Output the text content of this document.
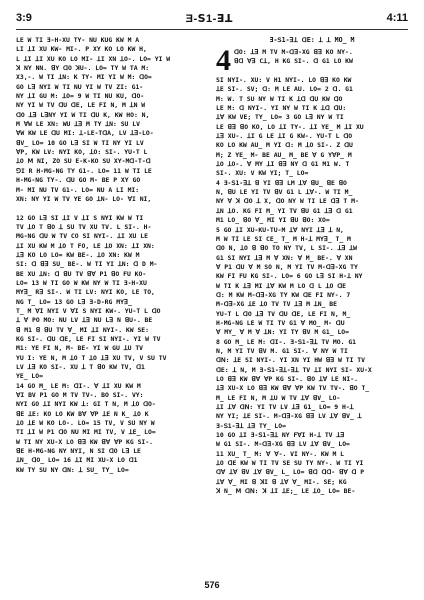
3:9	Ǝ-ꓢ1-ꓱꓕ	4:11
LE W TI Ǝ-H-XU TY- NU KUG KW M A
LI ꓕI XU KW- MI-. P XY KO LO KW H,
L ꓕI ꓕI XU KO LO MI- ꓕI XN ꓕO-. LO= YI W
ꓘ NY NN. ꓭY ꓷO ꓘU-. LO= TY W TA M:
X3,-. W TI ꓕN: K TY- MI YI W M: ꓷO=
GO Lꓱ NYI W TI NU YI W TV ZI: G1-
NY ꓕI GU M: ꓕO= 9 W TI NU KU, ꓷO-
NY YI W TV ꓷU ꓷE, LE FI N, M ꓕN W
ꓷO ꓕꓱ LꓱNY YI W TI ꓷU K, KW HO: N,
M ꓯW LE XN: WU ꓕꓱ M TY ꓕN: SU LV
ꓯW KW LE ꓷU MI: ꓕ-LE-TꓷA, LV ꓕꓱ-LO-
ꓭV_ LO= 10 GO Lꓱ SI W TI NY YI LV
ꓯP, KW LV: NYI KO, ꓕO: SI-. YU-T L
ꓕO ꓟ NI, ZO SU E-K-KO SU XY-Mꓷ-T-ꓷ
ꓨI R H-MG-NG TY G1-. LO= 11 W TI LE
H-MG-NG TY-. ꓷU GO M- BE P XY GO
M- MI NU TV G1-. LO= NU A LI MI:
XN: NY YI W TV YE GO ꓕN- LO- ꓯI NI,
12 GO Lꓱ SI ꓕI V ꓕI S NYI KW W TI
TV ꓕO T ꓭO ꓕ SU TV XU TV. L SI-. H-
MG-NG ꓷU W TV CO SI NYI-. ꓕI XU LE
ꓕI XU KW M ꓕO T FO, LE ꓕO XN: ꓕI XN:
ꓕꓱ KO LO LO= KW BE-. ꓕO XN: KW M
SI: ꓷ ꓭꓱ SU_ BE-. W TI YI ꓕN: ꓷ D M-
BE XU ꓕN: ꓷ ꓭU TV ꓭꓯ P1 ꓭO FU KO-
LO= 13 W TI GO W KW NY W TI Ǝ-H-XU
MYꓱ_ Rꓱ SI-. W TI LV: NYI KO, LE TO,
NG T_ LO= 13 GO Lꓱ Ǝ-D-RG MYꓱ_
T_ M ꓯI NYI V ꓯI S NYI KW-. YU-T L ꓷO
ꓕ ꓯ PO MO: NU LV ꓕꓱ NU Lꓱ N ꓭU-. BE
ꓭ M1 ꓭ ꓭU TV ꓯ_ MI ꓕI NYI-. KW SE:
KG SI-. ꓷU ꓷE, LE FI SI NYI-. YI W TV
M1: YE FI N, M- BE- YI W GU ꓕU TV
YU I: YE N, M ꓕO T ꓕO ꓕꓱ XU TV, V SU TV
LV ꓕꓱ KO SI-. XU ꓕ T ꓭO KW TV, ꓷ1
YE_ LO=
14 GO M_ LE M: ꓷI-. ꓯ ꓕI XU KW M
ꓯI BV P1 GO M TV TV-. BO SI-. VY:
NYI GO ꓕI NYI KW ꓕ: GI T N, M ꓕO ꓷO-
ꓭE ꓕE: KO LO KW Bꓯ ꓯP ꓕE N K_ ꓕO K
ꓕO ꓕE W KO LO-. LO= 15 TV, V SU NY W
TI ꓕI W P1 ꓷO NU MI MI TV, V ꓕE_ LO=
W TI NY XU-X LO ꓭꓱ KW ꓭꓯ ꓯP KG SI-.
ꓭE H-MG-NG NY NYI, N SI ꓷO Lꓱ LE
ꓕN_ ꓷO_ LO= 16 ꓕI MI XU-X LO ꓷ1
KW TY SU NY ꓷN: ꓕ SU_ TY_ LO=
Ǝ-ꓢ1-ꓱꓕ ꓷE: ꓕ ꓕ MO_ M
4 ꓷO: ꓕꓱ M TV M-ꓷꓱ-XG ꓭꓱ KO NY-.
ꓭꓷ ꓯꓱ Cꓕ, H KG SI-. ꓷ G1 LO KW
SI NYI-. XU: V H1 NYI-. LO ꓭꓱ KO KW
ꓕE SI-. SV; ꓷ: M LE AU. LO= 2 ꓷ. G1
M: W. T SU NY W TI K ꓕꓷ ꓷU KW ꓷO
LE M: ꓷ NYI-. YI NY W TI K ꓕꓷ ꓷU:
ꓕꓯ KW VE; TY_ LO= 3 GO Lꓱ NY W TI
LE ꓭꓱ ꓭO KO, LO ꓕI TY-. ꓕI YE_ M ꓕI XU
ꓕꓱ XU-. ꓕI G LE ꓕI G KW-. YU-T L ꓷO
KO LO KW AU_ M YI ꓷ: M ꓕO SI-. Z ꓷU
M; Z YE_ M- BE AU_ M_ BE ꓯ G YꓯP_ M
ꓕO ꓕO-. ꓯ MY ꓕI ꓭꓱ NY ꓷ G1 M1 W. T
SI-. XU: V KW YI; T_ LO=
4 Ǝ-ꓢ1-ꓱꓕ ꓭ YI ꓭꓱ LM ꓕꓯ ꓭU_ ꓭE ꓭO
N, ꓭU LE YI TV ꓭV G1 L ꓕꓯ-. W TI M_
NY ꓯ ꓘ ꓷO ꓕ X, ꓷO NY W TI LE ꓷꓱ T M-
ꓕN ꓕO. KG FI M_ YI TV ꓭU G1 ꓕꓱ ꓷ G1
M1 LO_ ꓭO ꓯ_ MI YI ꓭU ꓭO: XO=
5 GO ꓕI XU-KU-TU-M ꓕꓯ NYI ꓕꓱ ꓕ N,
M W TI LE SI CE_ T_ M H-ꓕ MYꓱ_ T_ M
ꓷO N, ꓕO ꓭ ꓭO TO NY TV, L SI-. ꓕꓱ ꓕW
G1 SI NYI ꓕꓱ M ꓯ XN: ꓯ M_ BE-. ꓯ XN
ꓯ P1 ꓷU ꓯ M SO N, M YI TV M-ꓷꓱ-XG TY
KW FI FU KG SI-. LO= 6 GO Lꓱ SI H-ꓕ NY
W TI K ꓕꓱ MI ꓕꓯ KW M LO ꓷ L ꓕO ꓷE
ꓷ: M KW M-ꓷꓱ-XG TY KW ꓷE FI NY-. 7
M-ꓷꓱ-XG ꓕE ꓕO TV TV ꓕꓱ M ꓕN_ BE
YU-T L ꓷO ꓕꓱ TV ꓷU ꓷE, LE FI N, M_
H-MG-NG LE W TI TV G1 ꓯ MO_ M- ꓷU
ꓯ MY_ ꓯ M ꓯ ꓕN: YI TY ꓭV M G1_ LO=
8 GO M_ LE M: ꓷI-. Ǝ-ꓢ1-ꓱꓕ TV MO. G1
N, M YI TV ꓭV M. G1 SI-. ꓯ NY W TI
ꓷꓠ: ꓕE SI NYI-. YI XN YI HW ꓭꓱ W TI TV
ꓷE: ꓕ N, M Ǝ-ꓢ1-ꓱꓕ-ꓱꓕ TV ꓕI NYI SI- XU-X
LO ꓭꓱ KW ꓭꓯ ꓯP KG SI-. ꓭO ꓕꓯ LE NI-.
ꓕꓱ XU-X LO ꓭꓱ KW ꓭꓯ ꓯP KW TV TV-. ꓭO T_
M_ LE FI N, M ꓕU W TV ꓕꓯ ꓭV_ LO-
ꓕI ꓕꓯ ꓷꓠ: YI TV LV ꓕꓱ G1_ LO= 9 H-ꓕ
NY YI; ꓕE SI-. M-ꓷꓱ-XG ꓭꓱ LV ꓕꓯ ꓭV_ ꓕ
Ǝ-ꓢ1-ꓱꓕ ꓕꓱ TY_ LO=
10 GO ꓕI Ǝ-ꓢ1-ꓱꓕ NY FꓯI H-ꓕ TV ꓕꓱ
W G1 SI-. M-ꓷꓱ-XG ꓭꓱ LV ꓕꓯ ꓭV_ LO=
11 XU_ T_ M: ꓯ ꓯ-. VI NY-. KW M L
ꓕO ꓷE KW W TI TV SE SU TY NY-. W TI YI
ꓷꓯ ꓕꓯ ꓭV ꓕꓯ ꓭV_ L_ LO= ꓭꓷ ꓷꓷ- ꓭꓯ ꓷ P
ꓕꓯ ꓯ_ MI ꓭ ꓘI ꓭ ꓕꓯ ꓯ_ MI-. SE; KG
ꓘ N_ ꓟ ꓷꓠ: ꓘ ꓕI ꓕE;_ LE ꓕO_ LO= BE-
576
